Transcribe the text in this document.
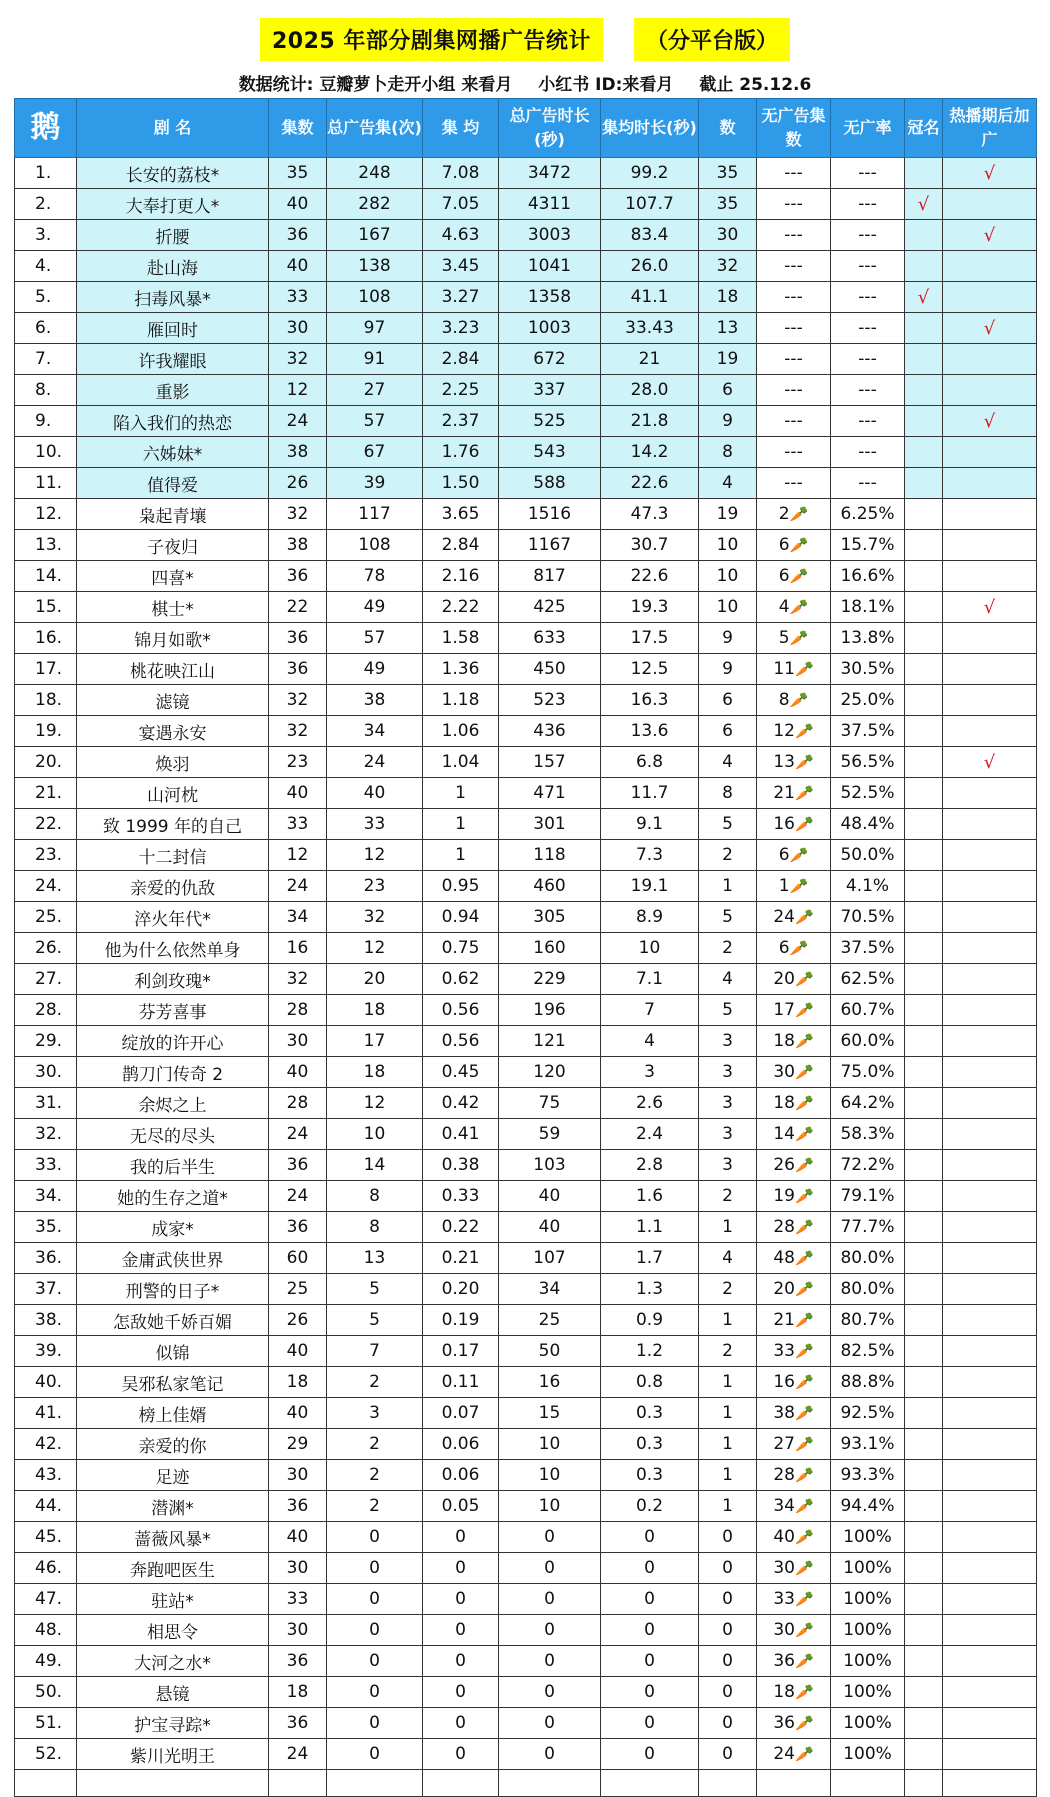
2025 年部分剧集网播广告统计	（分平台版）
数据统计: 豆瓣萝卜走开小组 来看月 小红书 ID:来看月 截止 25.12.6
鹅	剧 名	集数	总广告集(次)	集 均	总广告时长(秒)	集均时长(秒)	数	无广告集数	无广率	冠名	热播期后加广
1.	长安的荔枝*	35	248	7.08	3472	99.2	35	---	---		√
2.	大奉打更人*	40	282	7.05	4311	107.7	35	---	---	√	
3.	折腰	36	167	4.63	3003	83.4	30	---	---		√
4.	赴山海	40	138	3.45	1041	26.0	32	---	---		
5.	扫毒风暴*	33	108	3.27	1358	41.1	18	---	---	√	
6.	雁回时	30	97	3.23	1003	33.43	13	---	---		√
7.	许我耀眼	32	91	2.84	672	21	19	---	---		
8.	重影	12	27	2.25	337	28.0	6	---	---		
9.	陷入我们的热恋	24	57	2.37	525	21.8	9	---	---		√
10.	六姊妹*	38	67	1.76	543	14.2	8	---	---		
11.	值得爱	26	39	1.50	588	22.6	4	---	---		
12.	枭起青壤	32	117	3.65	1516	47.3	19	2🥕	6.25%		
13.	子夜归	38	108	2.84	1167	30.7	10	6🥕	15.7%		
14.	四喜*	36	78	2.16	817	22.6	10	6🥕	16.6%		
15.	棋士*	22	49	2.22	425	19.3	10	4🥕	18.1%		√
16.	锦月如歌*	36	57	1.58	633	17.5	9	5🥕	13.8%		
17.	桃花映江山	36	49	1.36	450	12.5	9	11🥕	30.5%		
18.	滤镜	32	38	1.18	523	16.3	6	8🥕	25.0%		
19.	宴遇永安	32	34	1.06	436	13.6	6	12🥕	37.5%		
20.	焕羽	23	24	1.04	157	6.8	4	13🥕	56.5%		√
21.	山河枕	40	40	1	471	11.7	8	21🥕	52.5%		
22.	致 1999 年的自己	33	33	1	301	9.1	5	16🥕	48.4%		
23.	十二封信	12	12	1	118	7.3	2	6🥕	50.0%		
24.	亲爱的仇敌	24	23	0.95	460	19.1	1	1🥕	4.1%		
25.	淬火年代*	34	32	0.94	305	8.9	5	24🥕	70.5%		
26.	他为什么依然单身	16	12	0.75	160	10	2	6🥕	37.5%		
27.	利剑玫瑰*	32	20	0.62	229	7.1	4	20🥕	62.5%		
28.	芬芳喜事	28	18	0.56	196	7	5	17🥕	60.7%		
29.	绽放的许开心	30	17	0.56	121	4	3	18🥕	60.0%		
30.	鹊刀门传奇 2	40	18	0.45	120	3	3	30🥕	75.0%		
31.	余烬之上	28	12	0.42	75	2.6	3	18🥕	64.2%		
32.	无尽的尽头	24	10	0.41	59	2.4	3	14🥕	58.3%		
33.	我的后半生	36	14	0.38	103	2.8	3	26🥕	72.2%		
34.	她的生存之道*	24	8	0.33	40	1.6	2	19🥕	79.1%		
35.	成家*	36	8	0.22	40	1.1	1	28🥕	77.7%		
36.	金庸武侠世界	60	13	0.21	107	1.7	4	48🥕	80.0%		
37.	刑警的日子*	25	5	0.20	34	1.3	2	20🥕	80.0%		
38.	怎敌她千娇百媚	26	5	0.19	25	0.9	1	21🥕	80.7%		
39.	似锦	40	7	0.17	50	1.2	2	33🥕	82.5%		
40.	吴邪私家笔记	18	2	0.11	16	0.8	1	16🥕	88.8%		
41.	榜上佳婿	40	3	0.07	15	0.3	1	38🥕	92.5%		
42.	亲爱的你	29	2	0.06	10	0.3	1	27🥕	93.1%		
43.	足迹	30	2	0.06	10	0.3	1	28🥕	93.3%		
44.	潜渊*	36	2	0.05	10	0.2	1	34🥕	94.4%		
45.	蔷薇风暴*	40	0	0	0	0	0	40🥕	100%		
46.	奔跑吧医生	30	0	0	0	0	0	30🥕	100%		
47.	驻站*	33	0	0	0	0	0	33🥕	100%		
48.	相思令	30	0	0	0	0	0	30🥕	100%		
49.	大河之水*	36	0	0	0	0	0	36🥕	100%		
50.	悬镜	18	0	0	0	0	0	18🥕	100%		
51.	护宝寻踪*	36	0	0	0	0	0	36🥕	100%		
52.	紫川光明王	24	0	0	0	0	0	24🥕	100%		
